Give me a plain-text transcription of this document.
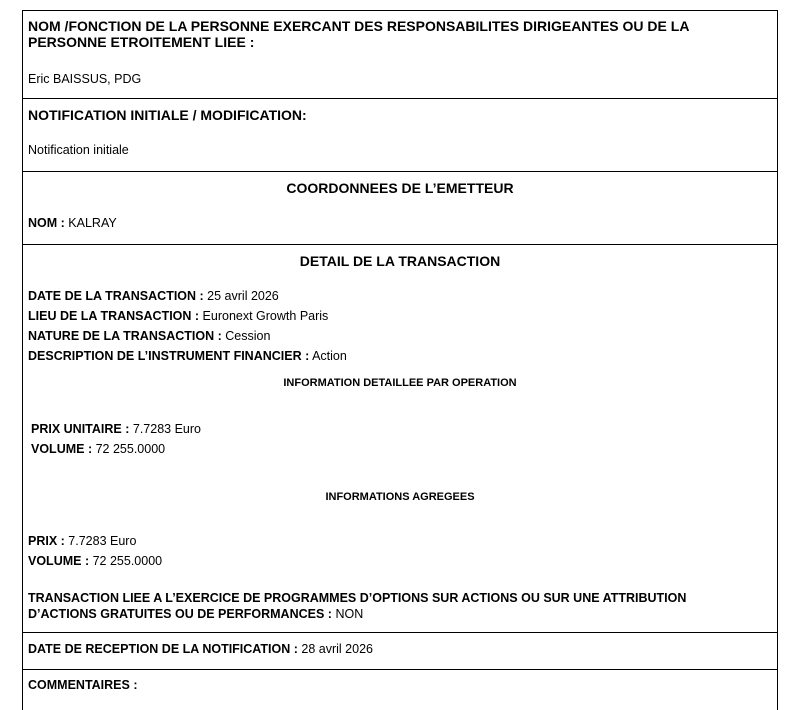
NOM /FONCTION DE LA PERSONNE EXERCANT DES RESPONSABILITES DIRIGEANTES OU DE LA PERSONNE ETROITEMENT LIEE :
Eric BAISSUS, PDG
NOTIFICATION INITIALE / MODIFICATION:
Notification initiale
COORDONNEES DE L’EMETTEUR
NOM : KALRAY
DETAIL DE LA TRANSACTION
DATE DE LA TRANSACTION : 25 avril 2026
LIEU DE LA TRANSACTION : Euronext Growth Paris
NATURE DE LA TRANSACTION : Cession
DESCRIPTION DE L’INSTRUMENT FINANCIER : Action
INFORMATION DETAILLEE PAR OPERATION
PRIX UNITAIRE : 7.7283 Euro
VOLUME : 72 255.0000
INFORMATIONS AGREGEES
PRIX : 7.7283 Euro
VOLUME : 72 255.0000
TRANSACTION LIEE A L’EXERCICE DE PROGRAMMES D’OPTIONS SUR ACTIONS OU SUR UNE ATTRIBUTION D’ACTIONS GRATUITES OU DE PERFORMANCES : NON
DATE DE RECEPTION DE LA NOTIFICATION : 28 avril 2026
COMMENTAIRES :
